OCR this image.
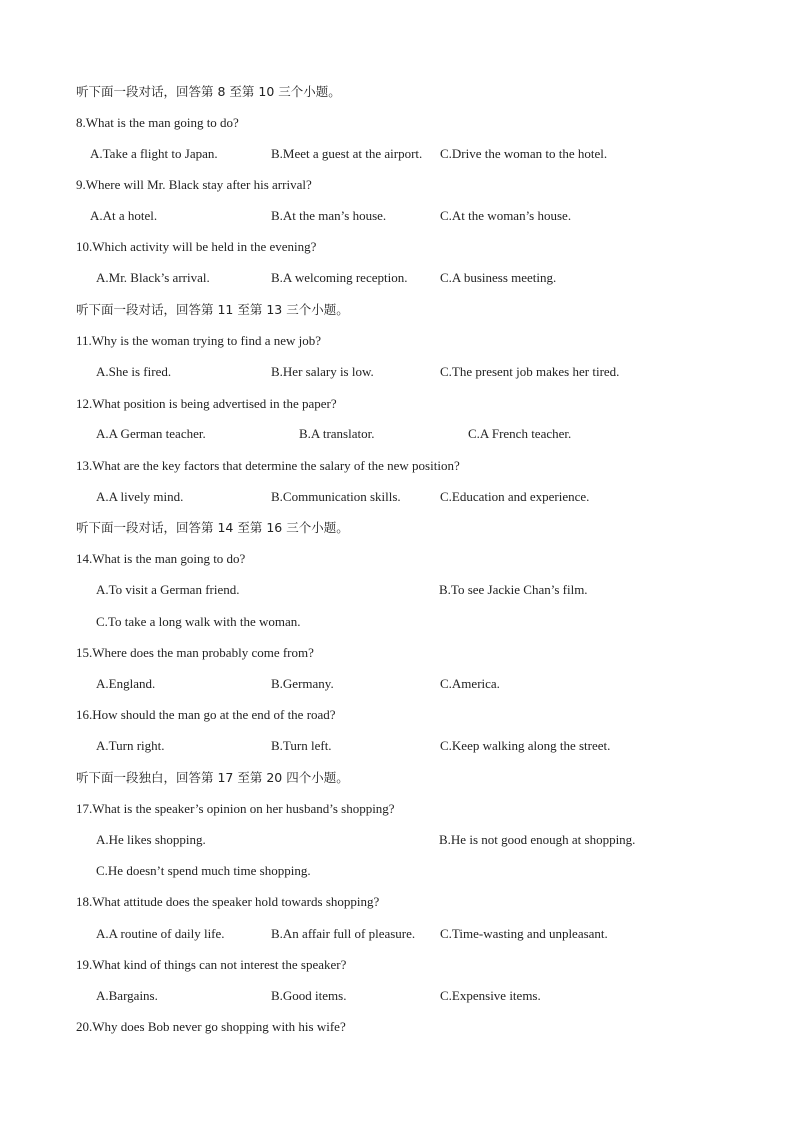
听下面一段对话，回答第 8 至第 10 三个小题。
8.What is the man going to do?
A.Take a flight to Japan.	B.Meet a guest at the airport. C.Drive the woman to the hotel.
9.Where will Mr. Black stay after his arrival?
A.At a hotel.	B.At the man’s house.	C.At the woman’s house.
10.Which activity will be held in the evening?
A.Mr. Black’s arrival.	B.A welcoming reception.	C.A business meeting.
听下面一段对话，回答第 11 至第 13 三个小题。
11.Why is the woman trying to find a new job?
A.She is fired.	B.Her salary is low.	C.The present job makes her tired.
12.What position is being advertised in the paper?
A.A German teacher.	B.A translator.	C.A French teacher.
13.What are the key factors that determine the salary of the new position?
A.A lively mind.	B.Communication skills.	C.Education and experience.
听下面一段对话，回答第 14 至第 16 三个小题。
14.What is the man going to do?
A.To visit a German friend.	B.To see Jackie Chan’s film.
C.To take a long walk with the woman.
15.Where does the man probably come from?
A.England.	B.Germany.	C.America.
16.How should the man go at the end of the road?
A.Turn right.	B.Turn left.	C.Keep walking along the street.
听下面一段独白，回答第 17 至第 20 四个小题。
17.What is the speaker’s opinion on her husband’s shopping?
A.He likes shopping.	B.He is not good enough at shopping.
C.He doesn’t spend much time shopping.
18.What attitude does the speaker hold towards shopping?
A.A routine of daily life.	B.An affair full of pleasure. C.Time-wasting and unpleasant.
19.What kind of things can not interest the speaker?
A.Bargains.	B.Good items.	C.Expensive items.
20.Why does Bob never go shopping with his wife?
